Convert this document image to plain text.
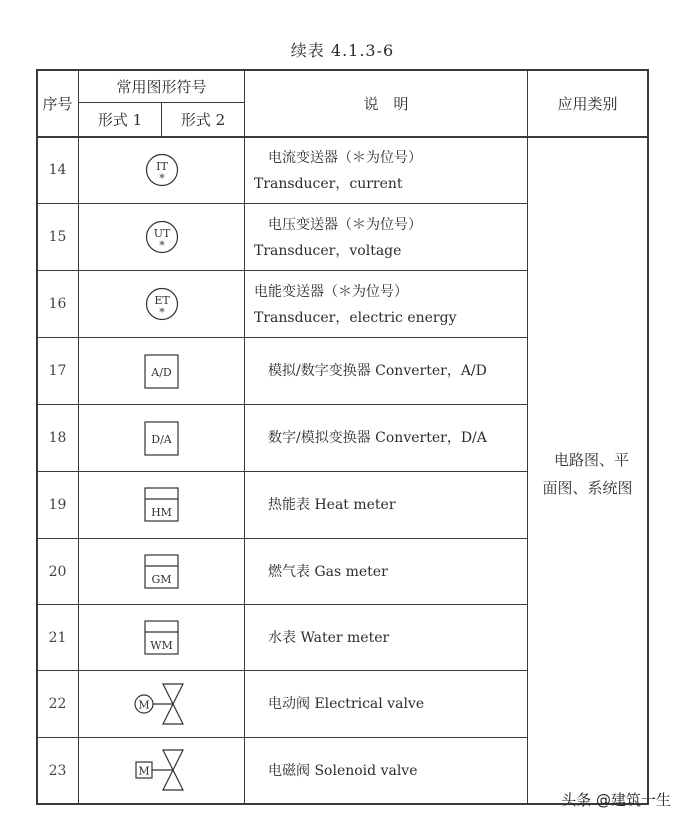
续表 4.1.3-6
序号
常用图形符号
形式 1	形式 2
说　明	应用类别
14
15
16
17
18
19
20
21
22
23
IT
*
UT
*
ET
*
A/D
D/A
HM
GM
WM
M
M
电流变送器（＊为位号）
Transducer，current
电压变送器（＊为位号）
Transducer，voltage
电能变送器（＊为位号）
Transducer，electric energy
模拟/数字变换器 Converter，A/D
数字/模拟变换器 Converter，D/A
热能表 Heat meter
燃气表 Gas meter
水表 Water meter
电动阀 Electrical valve
电磁阀 Solenoid valve
电路图、平
面图、系统图
头条 @建筑一生
